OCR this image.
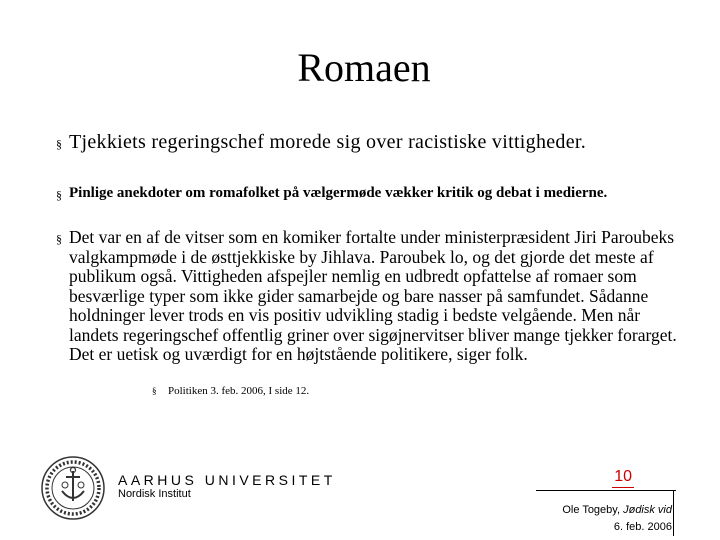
Romaen
§ Tjekkiets regeringschef morede sig over racistiske vittigheder.
§ Pinlige anekdoter om romafolket på vælgermøde vækker kritik og debat i medierne.
§ Det var en af de vitser som en komiker fortalte under ministerpræsident Jiri Paroubeks valgkampmøde i de østtjekkiske by Jihlava. Paroubek lo, og det gjorde det meste af publikum også. Vittigheden afspejler nemlig en udbredt opfattelse af romaer som besværlige typer som ikke gider samarbejde og bare nasser på samfundet. Sådanne holdninger lever trods en vis positiv udvikling stadig i bedste velgående. Men når landets regeringschef offentlig griner over sigøjnervitser bliver mange tjekker forarget. Det er uetisk og uværdigt for en højtstående politikere, siger folk.
§ Politiken 3. feb. 2006, I side 12.
AARHUS UNIVERSITET
Nordisk Institut
10
Ole Togeby, Jødisk vid
6. feb. 2006
